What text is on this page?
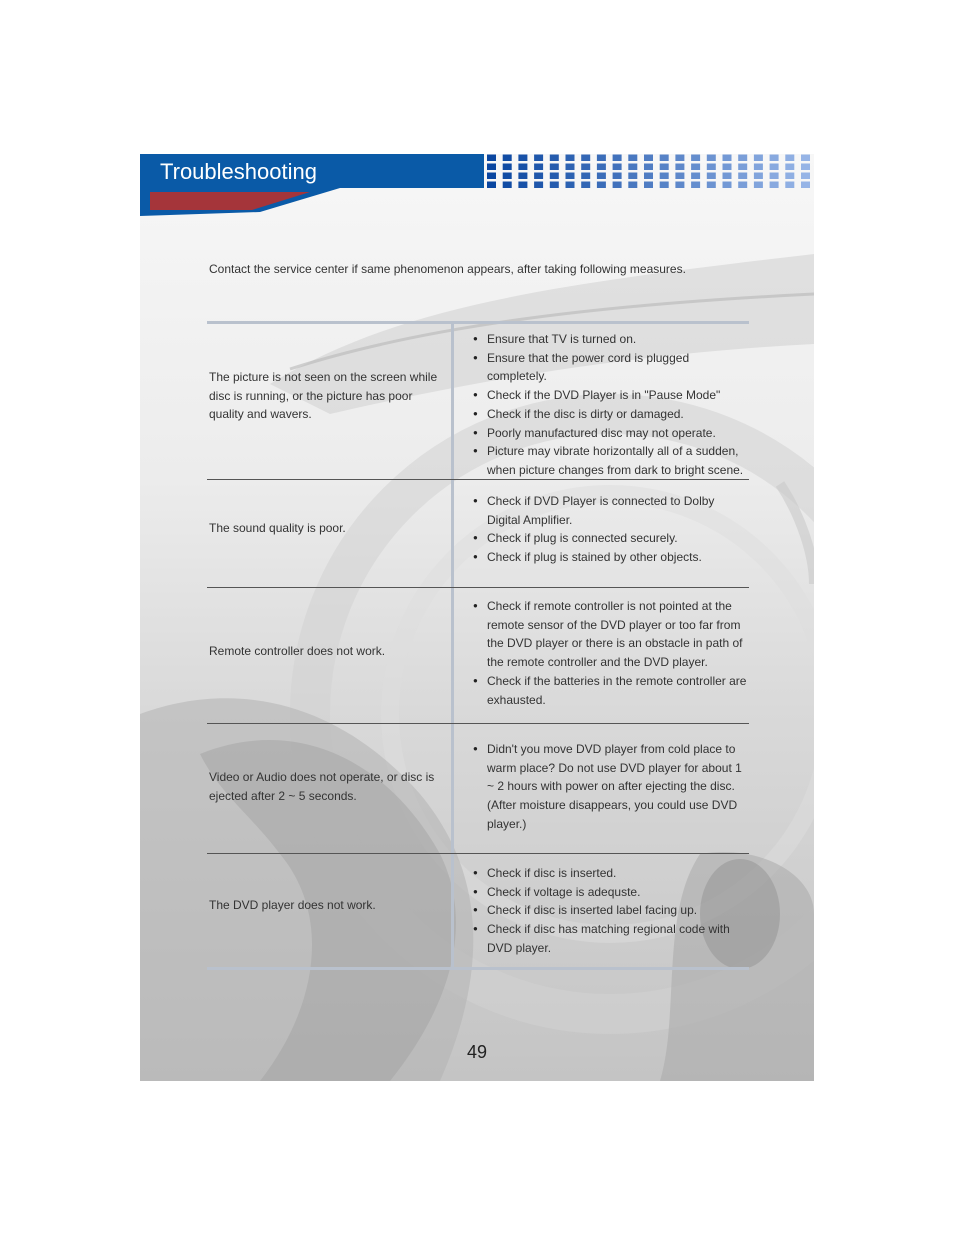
Troubleshooting
Contact the service center if same phenomenon appears, after taking following measures.
The picture is not seen on the screen while disc is running, or the picture has poor quality and wavers.
● Ensure that TV is turned on.
● Ensure that the power cord is plugged completely.
● Check if the DVD Player is in "Pause Mode"
● Check if the disc is dirty or damaged.
● Poorly manufactured disc may not operate.
● Picture may vibrate horizontally all of a sudden, when picture changes from dark to bright scene.
The sound quality is poor.
● Check if DVD Player is connected to Dolby Digital Amplifier.
● Check if plug is connected securely.
● Check if plug is stained by other objects.
Remote controller does not work.
● Check if remote controller is not pointed at the remote sensor of the DVD player or too far from the DVD player or there is an obstacle in path of the remote controller and the DVD player.
● Check if the batteries in the remote controller are exhausted.
Video or Audio does not operate, or disc is ejected after 2 ~ 5 seconds.
● Didn't you move DVD player from cold place to warm place? Do not use DVD player for about 1 ~ 2 hours with power on after ejecting the disc. (After moisture disappears, you could use DVD player.)
The DVD player does not work.
● Check if disc is inserted.
● Check if voltage is adequste.
● Check if disc is inserted label facing up.
● Check if disc has matching regional code with DVD player.
49
